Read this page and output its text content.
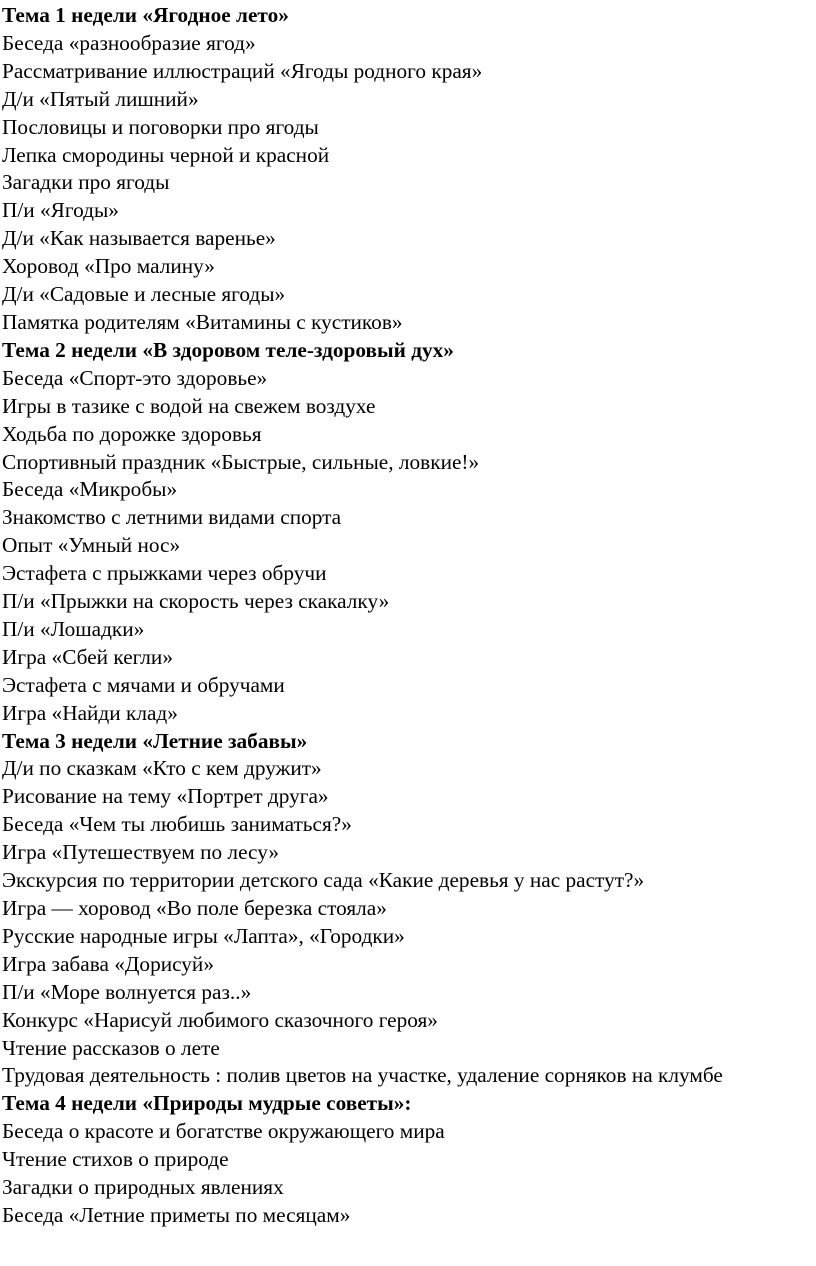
Тема 1 недели «Ягодное лето»
Беседа «разнообразие ягод»
Рассматривание иллюстраций «Ягоды родного края»
Д/и «Пятый лишний»
Пословицы и поговорки про ягоды
Лепка смородины черной и красной
Загадки про ягоды
П/и «Ягоды»
Д/и «Как называется варенье»
Хоровод «Про малину»
Д/и «Садовые и лесные ягоды»
Памятка родителям «Витамины с кустиков»
Тема 2 недели «В здоровом теле-здоровый дух»
Беседа «Спорт-это здоровье»
Игры в тазике с водой на свежем воздухе
Ходьба по дорожке здоровья
Спортивный праздник «Быстрые, сильные, ловкие!»
Беседа «Микробы»
Знакомство с летними видами спорта
Опыт «Умный нос»
Эстафета с прыжками через обручи
П/и «Прыжки на скорость через скакалку»
П/и «Лошадки»
Игра «Сбей кегли»
Эстафета с мячами и обручами
Игра «Найди клад»
Тема 3 недели «Летние забавы»
Д/и по сказкам «Кто с кем дружит»
Рисование на тему «Портрет друга»
Беседа «Чем ты любишь заниматься?»
Игра «Путешествуем по лесу»
Экскурсия по территории детского сада «Какие деревья у нас растут?»
Игра — хоровод «Во поле березка стояла»
Русские народные игры «Лапта», «Городки»
Игра забава «Дорисуй»
П/и «Море волнуется раз..»
Конкурс «Нарисуй любимого сказочного героя»
Чтение рассказов о лете
Трудовая деятельность : полив цветов на участке, удаление сорняков на клумбе
Тема 4 недели «Природы мудрые советы»:
Беседа о красоте и богатстве окружающего мира
Чтение стихов о природе
Загадки о природных явлениях
Беседа «Летние приметы по месяцам»
